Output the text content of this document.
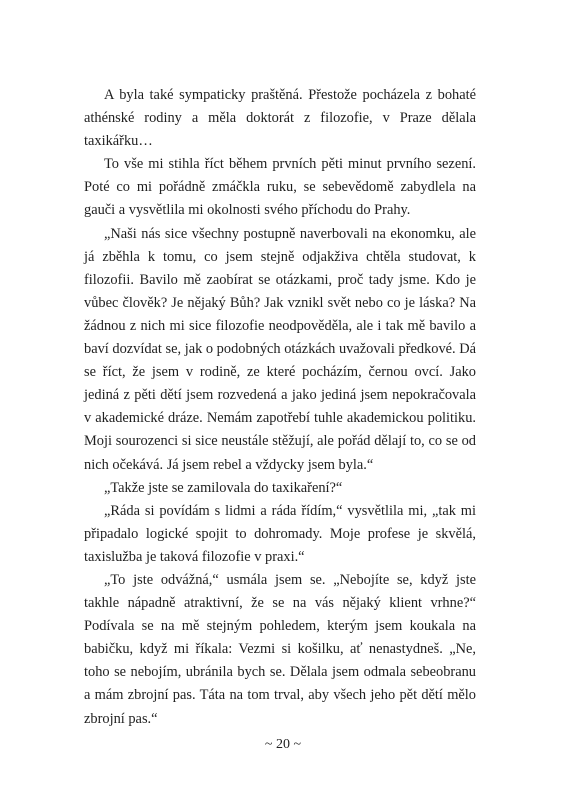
A byla také sympaticky praštěná. Přestože pocházela z bohaté athénské rodiny a měla doktorát z filozofie, v Praze dělala taxikářku…

To vše mi stihla říct během prvních pěti minut prvního sezení. Poté co mi pořádně zmáčkla ruku, se sebevědomě zabydlela na gauči a vysvětlila mi okolnosti svého příchodu do Prahy.

„Naši nás sice všechny postupně naverbovali na ekonomku, ale já zběhla k tomu, co jsem stejně odjakživa chtěla studovat, k filozofii. Bavilo mě zaobírat se otázkami, proč tady jsme. Kdo je vůbec člověk? Je nějaký Bůh? Jak vznikl svět nebo co je láska? Na žádnou z nich mi sice filozofie neodpověděla, ale i tak mě bavilo a baví dozvídat se, jak o podobných otázkách uvažovali předkové. Dá se říct, že jsem v rodině, ze které pocházím, černou ovcí. Jako jediná z pěti dětí jsem rozvedená a jako jediná jsem nepokračovala v akademické dráze. Nemám zapotřebí tuhle akademickou politiku. Moji sourozenci si sice neustále stěžují, ale pořád dělají to, co se od nich očekává. Já jsem rebel a vždycky jsem byla.“

„Takže jste se zamilovala do taxikaření?“

„Ráda si povídám s lidmi a ráda řídím,“ vysvětlila mi, „tak mi připadalo logické spojit to dohromady. Moje profese je skvělá, taxislužba je taková filozofie v praxi.“

„To jste odvážná,“ usmála jsem se. „Nebojíte se, když jste takhle nápadně atraktivní, že se na vás nějaký klient vrhne?“ Podívala se na mě stejným pohledem, kterým jsem koukala na babičku, když mi říkala: Vezmi si košilku, ať nenastydneš. „Ne, toho se nebojím, ubránila bych se. Dělala jsem odmala sebeobranu a mám zbrojní pas. Táta na tom trval, aby všech jeho pět dětí mělo zbrojní pas.“

~ 20 ~
